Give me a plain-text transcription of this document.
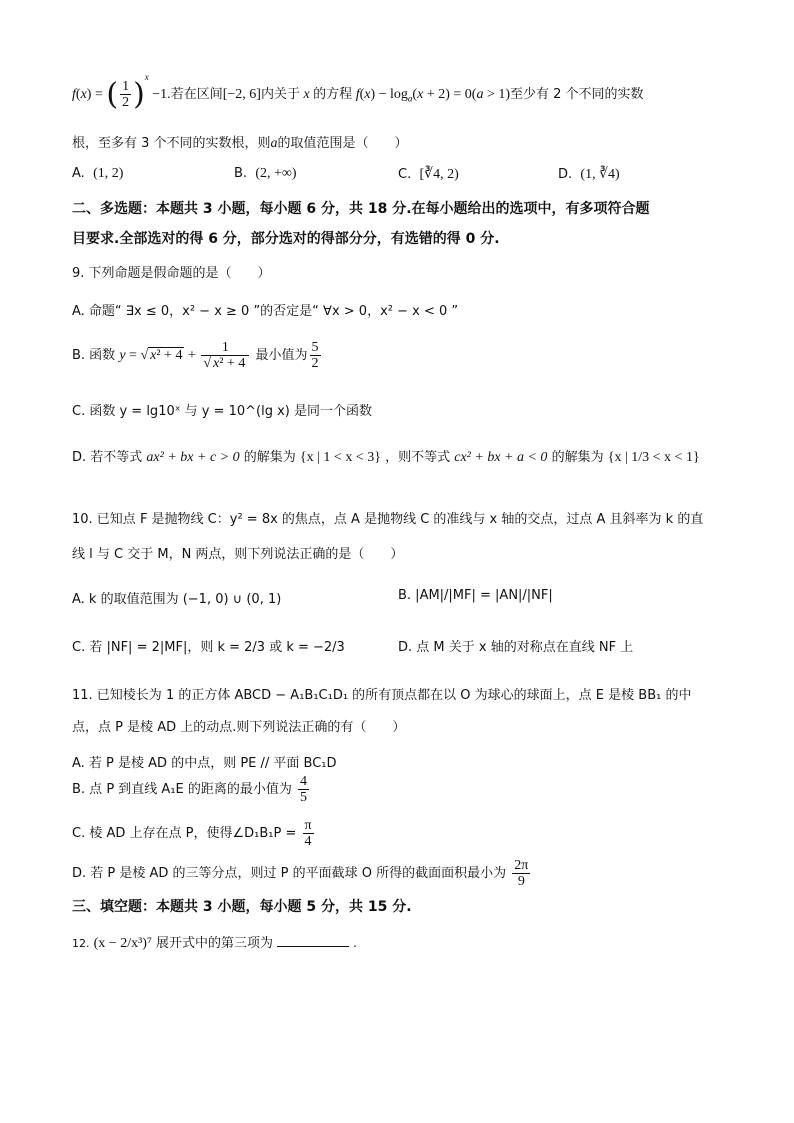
f(x) = ( $\frac{1}{2} )^x -1$.若在区间[−2, 6]内关于 x 的方程 $f(x) - \log_a(x + 2) = 0(a > 1)$至少有 2 个不同的实数
根，至多有 3 个不同的实数根，则a的取值范围是（　　）
A. (1, 2)	B. (2, +∞)	C. [∛4, 2)	D. (1, ∛4)
二、多选题：本题共 3 小题，每小题 6 分，共 18 分.在每小题给出的选项中，有多项符合题
目要求.全部选对的得 6 分，部分选对的得部分分，有选错的得 0 分.
9. 下列命题是假命题的是（　　）
A. 命题“ ∃x ≤ 0，x² − x ≥ 0 ”的否定是“ ∀x > 0，x² − x < 0 ”
B. 函数 y = √ $x^2 + 4 + \frac{1}{\text{√ x² + 4}}$ 最小值为 $\frac{5}{2}$
C. 函数 y = lg10ˣ 与 y = 10^(lg x) 是同一个函数
D. 若不等式 ax² + bx + c > 0 的解集为 {x | 1 < x < 3} ，则不等式 cx² + bx + a < 0 的解集为 {x | 1/3 < x < 1}
10. 已知点 F 是抛物线 C：y² = 8x 的焦点，点 A 是抛物线 C 的准线与 x 轴的交点，过点 A 且斜率为 k 的直
线 l 与 C 交于 M，N 两点，则下列说法正确的是（　　）
A. k 的取值范围为 (−1, 0) ∪ (0, 1)	B. |AM|/|MF| = |AN|/|NF|
C. 若 |NF| = 2|MF|，则 k = 2/3 或 k = −2/3	D. 点 M 关于 x 轴的对称点在直线 NF 上
11. 已知棱长为 1 的正方体 ABCD − A₁B₁C₁D₁ 的所有顶点都在以 O 为球心的球面上，点 E 是棱 BB₁ 的中
点，点 P 是棱 AD 上的动点.则下列说法正确的有（　　）
A. 若 P 是棱 AD 的中点，则 PE // 平面 BC₁D
B. 点 P 到直线 A₁E 的距离的最小值为 $\frac{4}{5}$
C. 棱 AD 上存在点 P，使得∠D₁B₁P = $\frac{\pi}{4}$
D. 若 P 是棱 AD 的三等分点，则过 P 的平面截球 O 所得的截面面积最小为 $\frac{2\pi}{9}$
三、填空题：本题共 3 小题，每小题 5 分，共 15 分.
12. (x − 2/x³)⁷ 展开式中的第三项为	.
